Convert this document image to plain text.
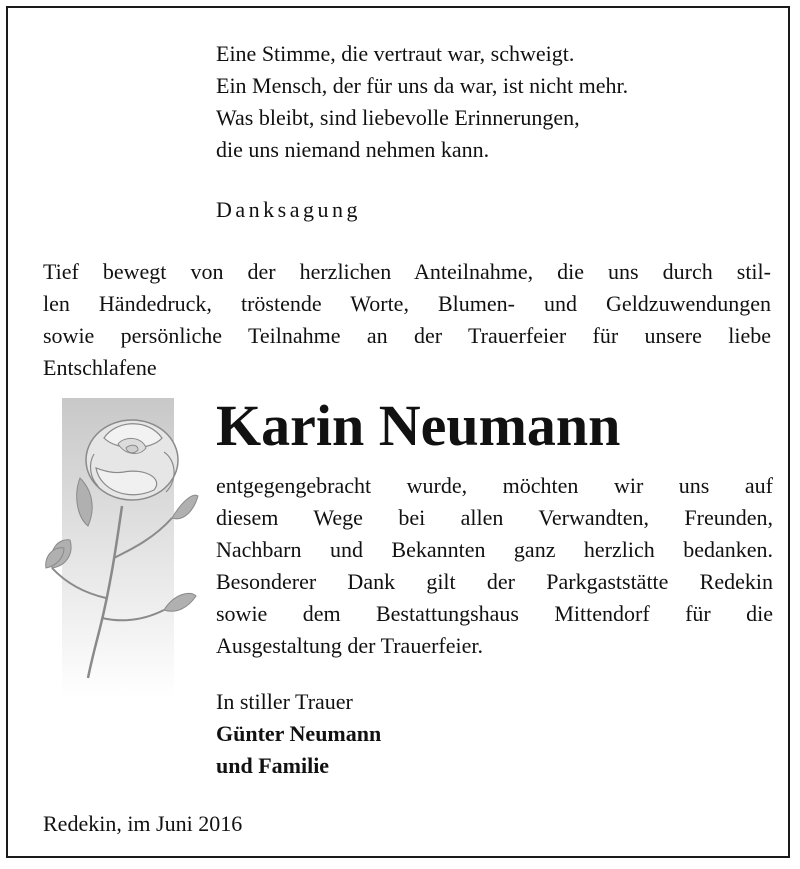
Eine Stimme, die vertraut war, schweigt.
Ein Mensch, der für uns da war, ist nicht mehr.
Was bleibt, sind liebevolle Erinnerungen,
die uns niemand nehmen kann.
Danksagung
Tief bewegt von der herzlichen Anteilnahme, die uns durch stil-
len Händedruck, tröstende Worte, Blumen- und Geldzuwendungen
sowie persönliche Teilnahme an der Trauerfeier für unsere liebe
Entschlafene
Karin Neumann
entgegengebracht wurde, möchten wir uns auf
diesem Wege bei allen Verwandten, Freunden,
Nachbarn und Bekannten ganz herzlich bedanken.
Besonderer Dank gilt der Parkgaststätte Redekin
sowie dem Bestattungshaus Mittendorf für die
Ausgestaltung der Trauerfeier.
In stiller Trauer
Günter Neumann
und Familie
Redekin, im Juni 2016
